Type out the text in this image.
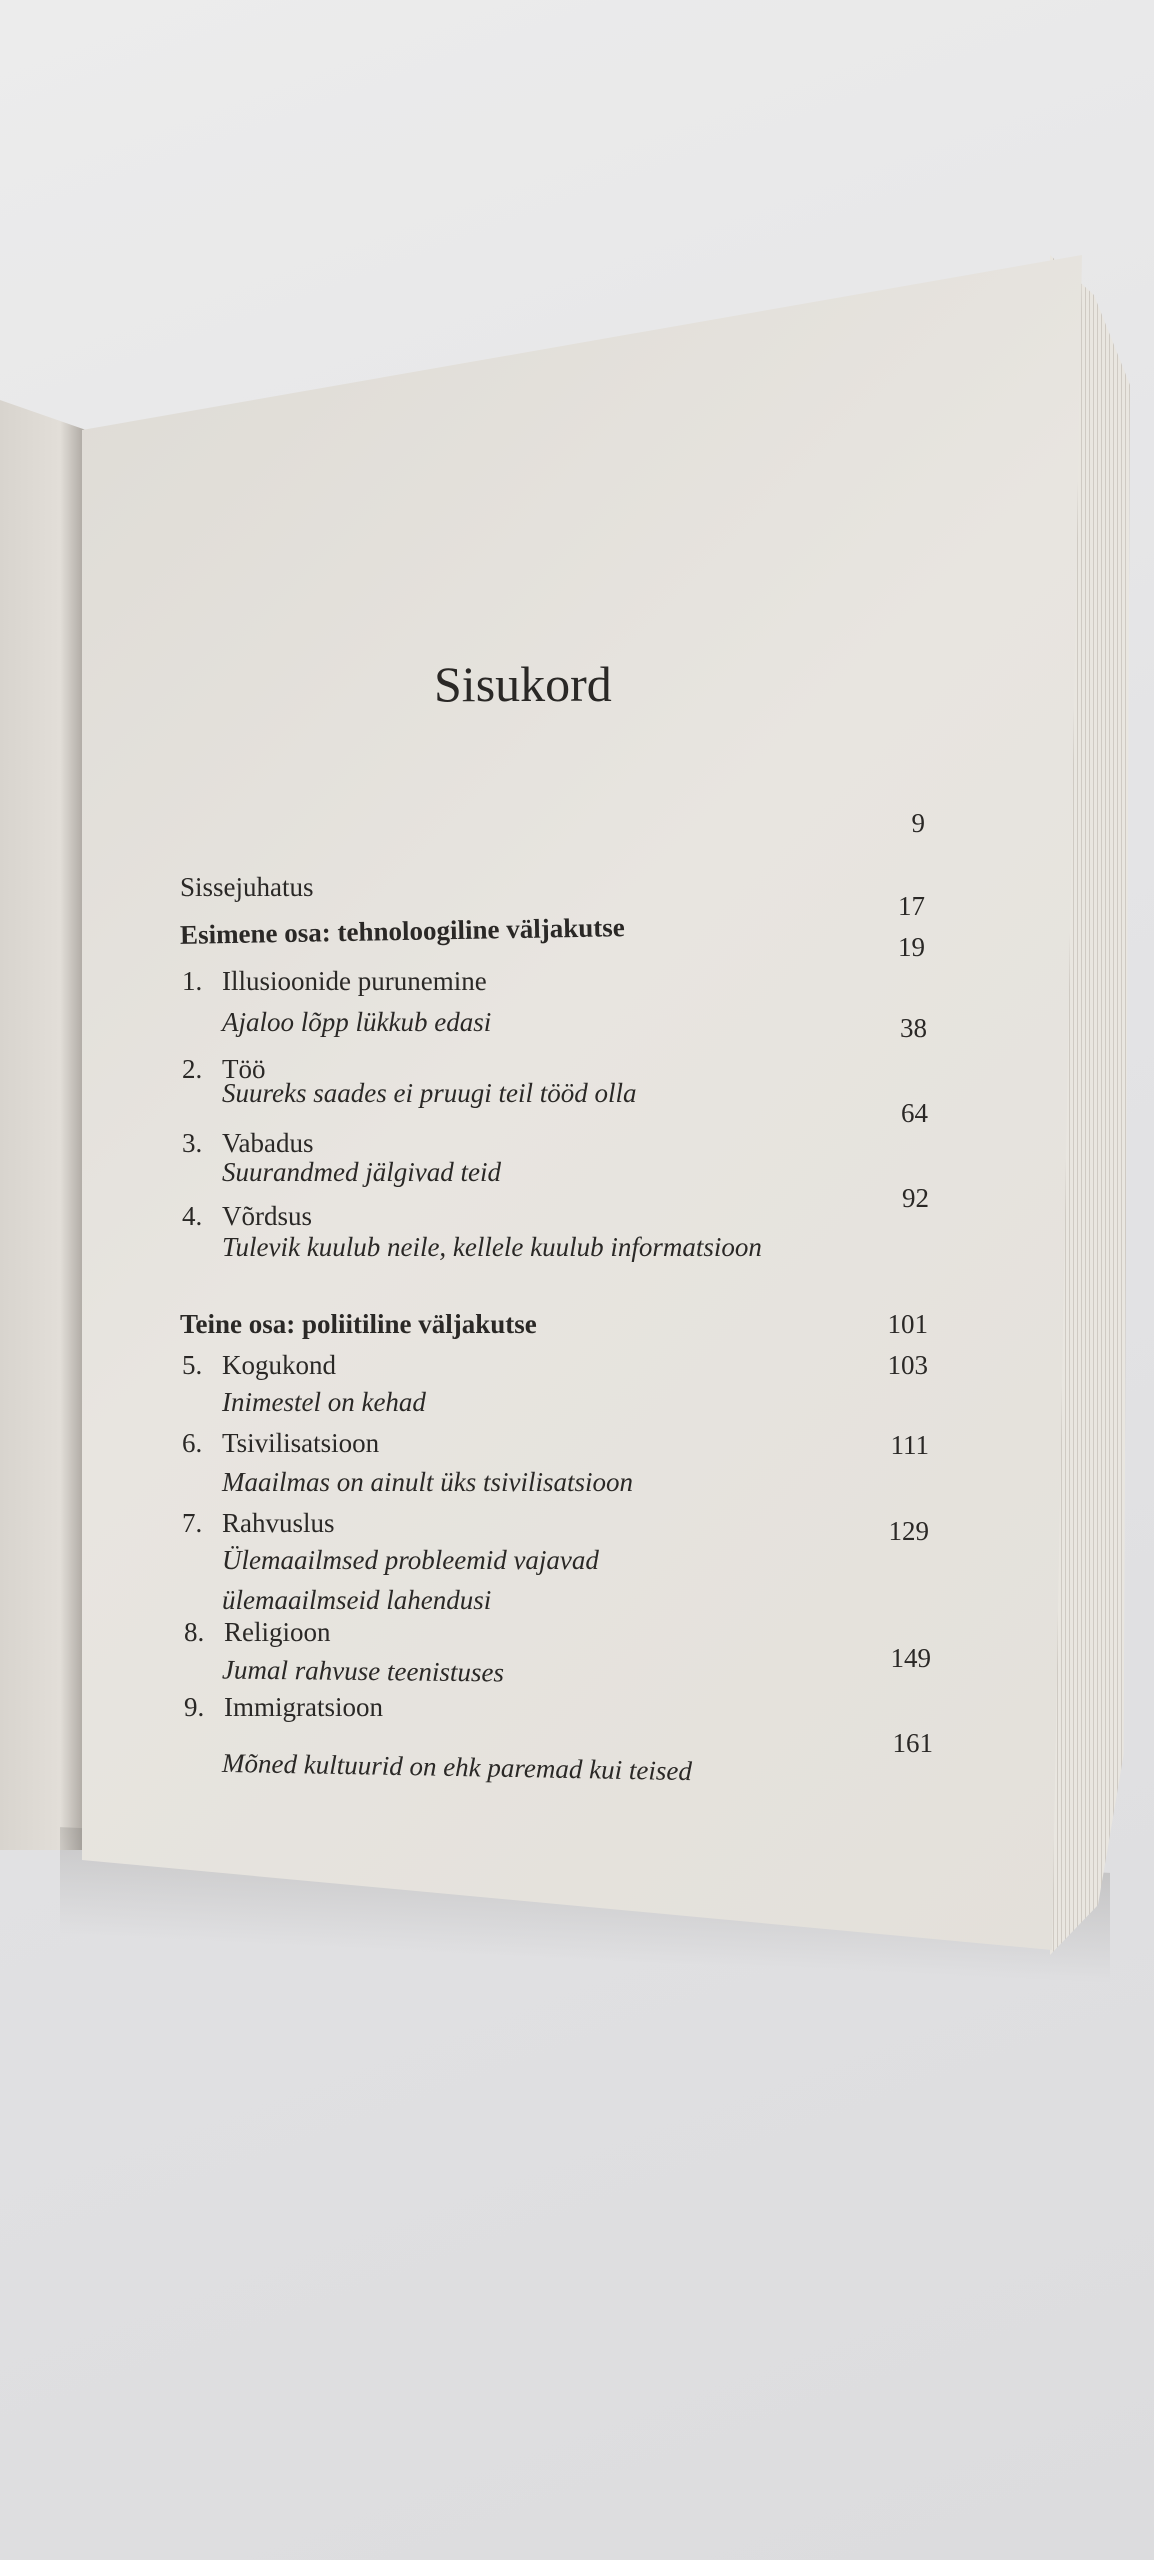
Sisukord
Sissejuhatus
9
Esimene osa: tehnoloogiline väljakutse
17
1. Illusioonide purunemine
Ajaloo lõpp lükkub edasi
19
2. Töö
Suureks saades ei pruugi teil tööd olla
38
3. Vabadus
Suurandmed jälgivad teid
64
4. Võrdsus
Tulevik kuulub neile, kellele kuulub informatsioon
92
Teine osa: poliitiline väljakutse	101
5. Kogukond
Inimestel on kehad
103
6. Tsivilisatsioon
Maailmas on ainult üks tsivilisatsioon
111
7. Rahvuslus
Ülemaailmsed probleemid vajavad
ülemaailmseid lahendusi
129
8. Religioon
Jumal rahvuse teenistuses	149
9. Immigratsioon
Mõned kultuurid on ehk paremad kui teised
161
